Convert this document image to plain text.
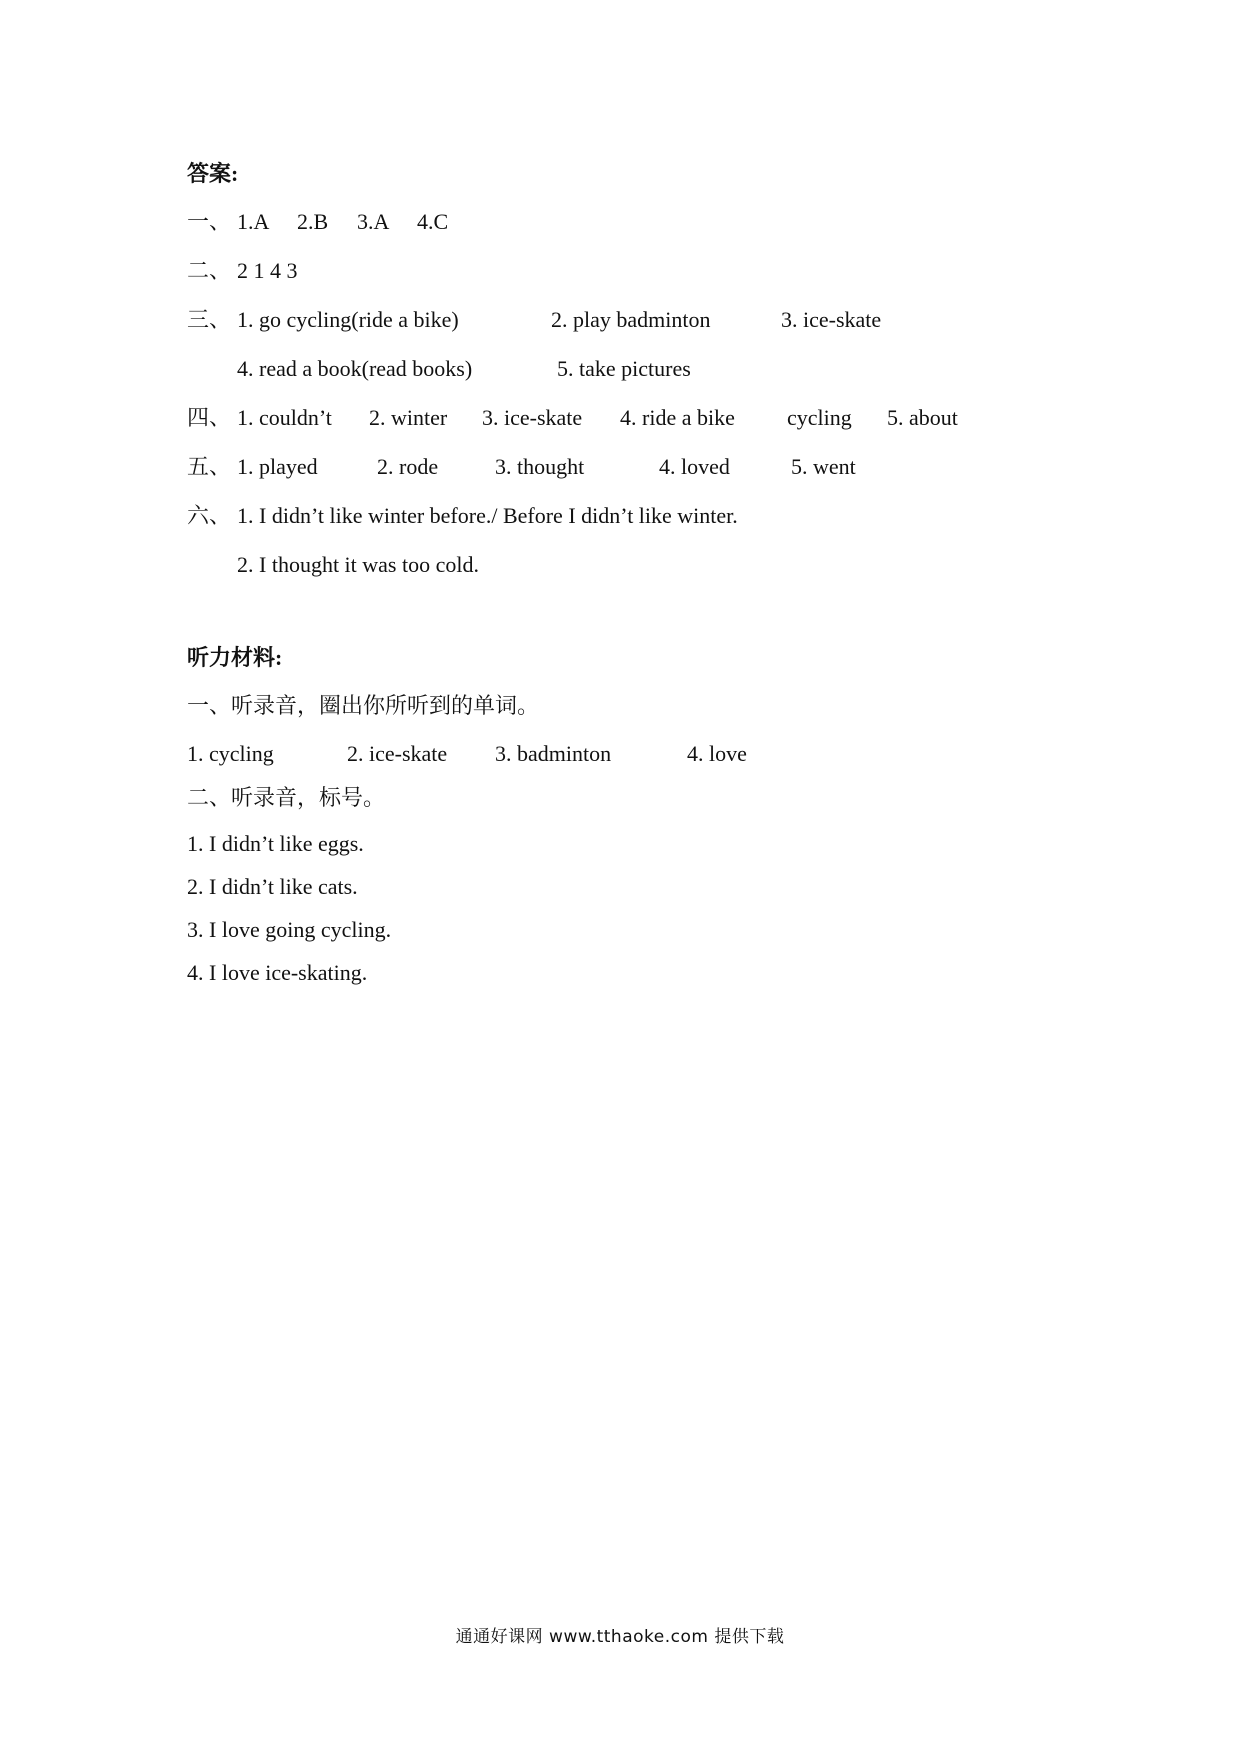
答案:
一、 1.A 2.B 3.A 4.C
二、 2 1 4 3
三、 1. go cycling(ride a bike)	2. play badminton	3. ice-skate
4. read a book(read books)	5. take pictures
四、 1. couldn’t 2. winter 3. ice-skate 4. ride a bike cycling 5. about
五、 1. played	2. rode	3. thought	4. loved	5. went
六、 1. I didn’t like winter before./ Before I didn’t like winter.
2. I thought it was too cold.
听力材料:
一、听录音，圈出你所听到的单词。
1. cycling	2. ice-skate 3. badminton	4. love
二、听录音，标号。
1. I didn’t like eggs.
2. I didn’t like cats.
3. I love going cycling.
4. I love ice-skating.
通通好课网 www.tthaoke.com 提供下载
